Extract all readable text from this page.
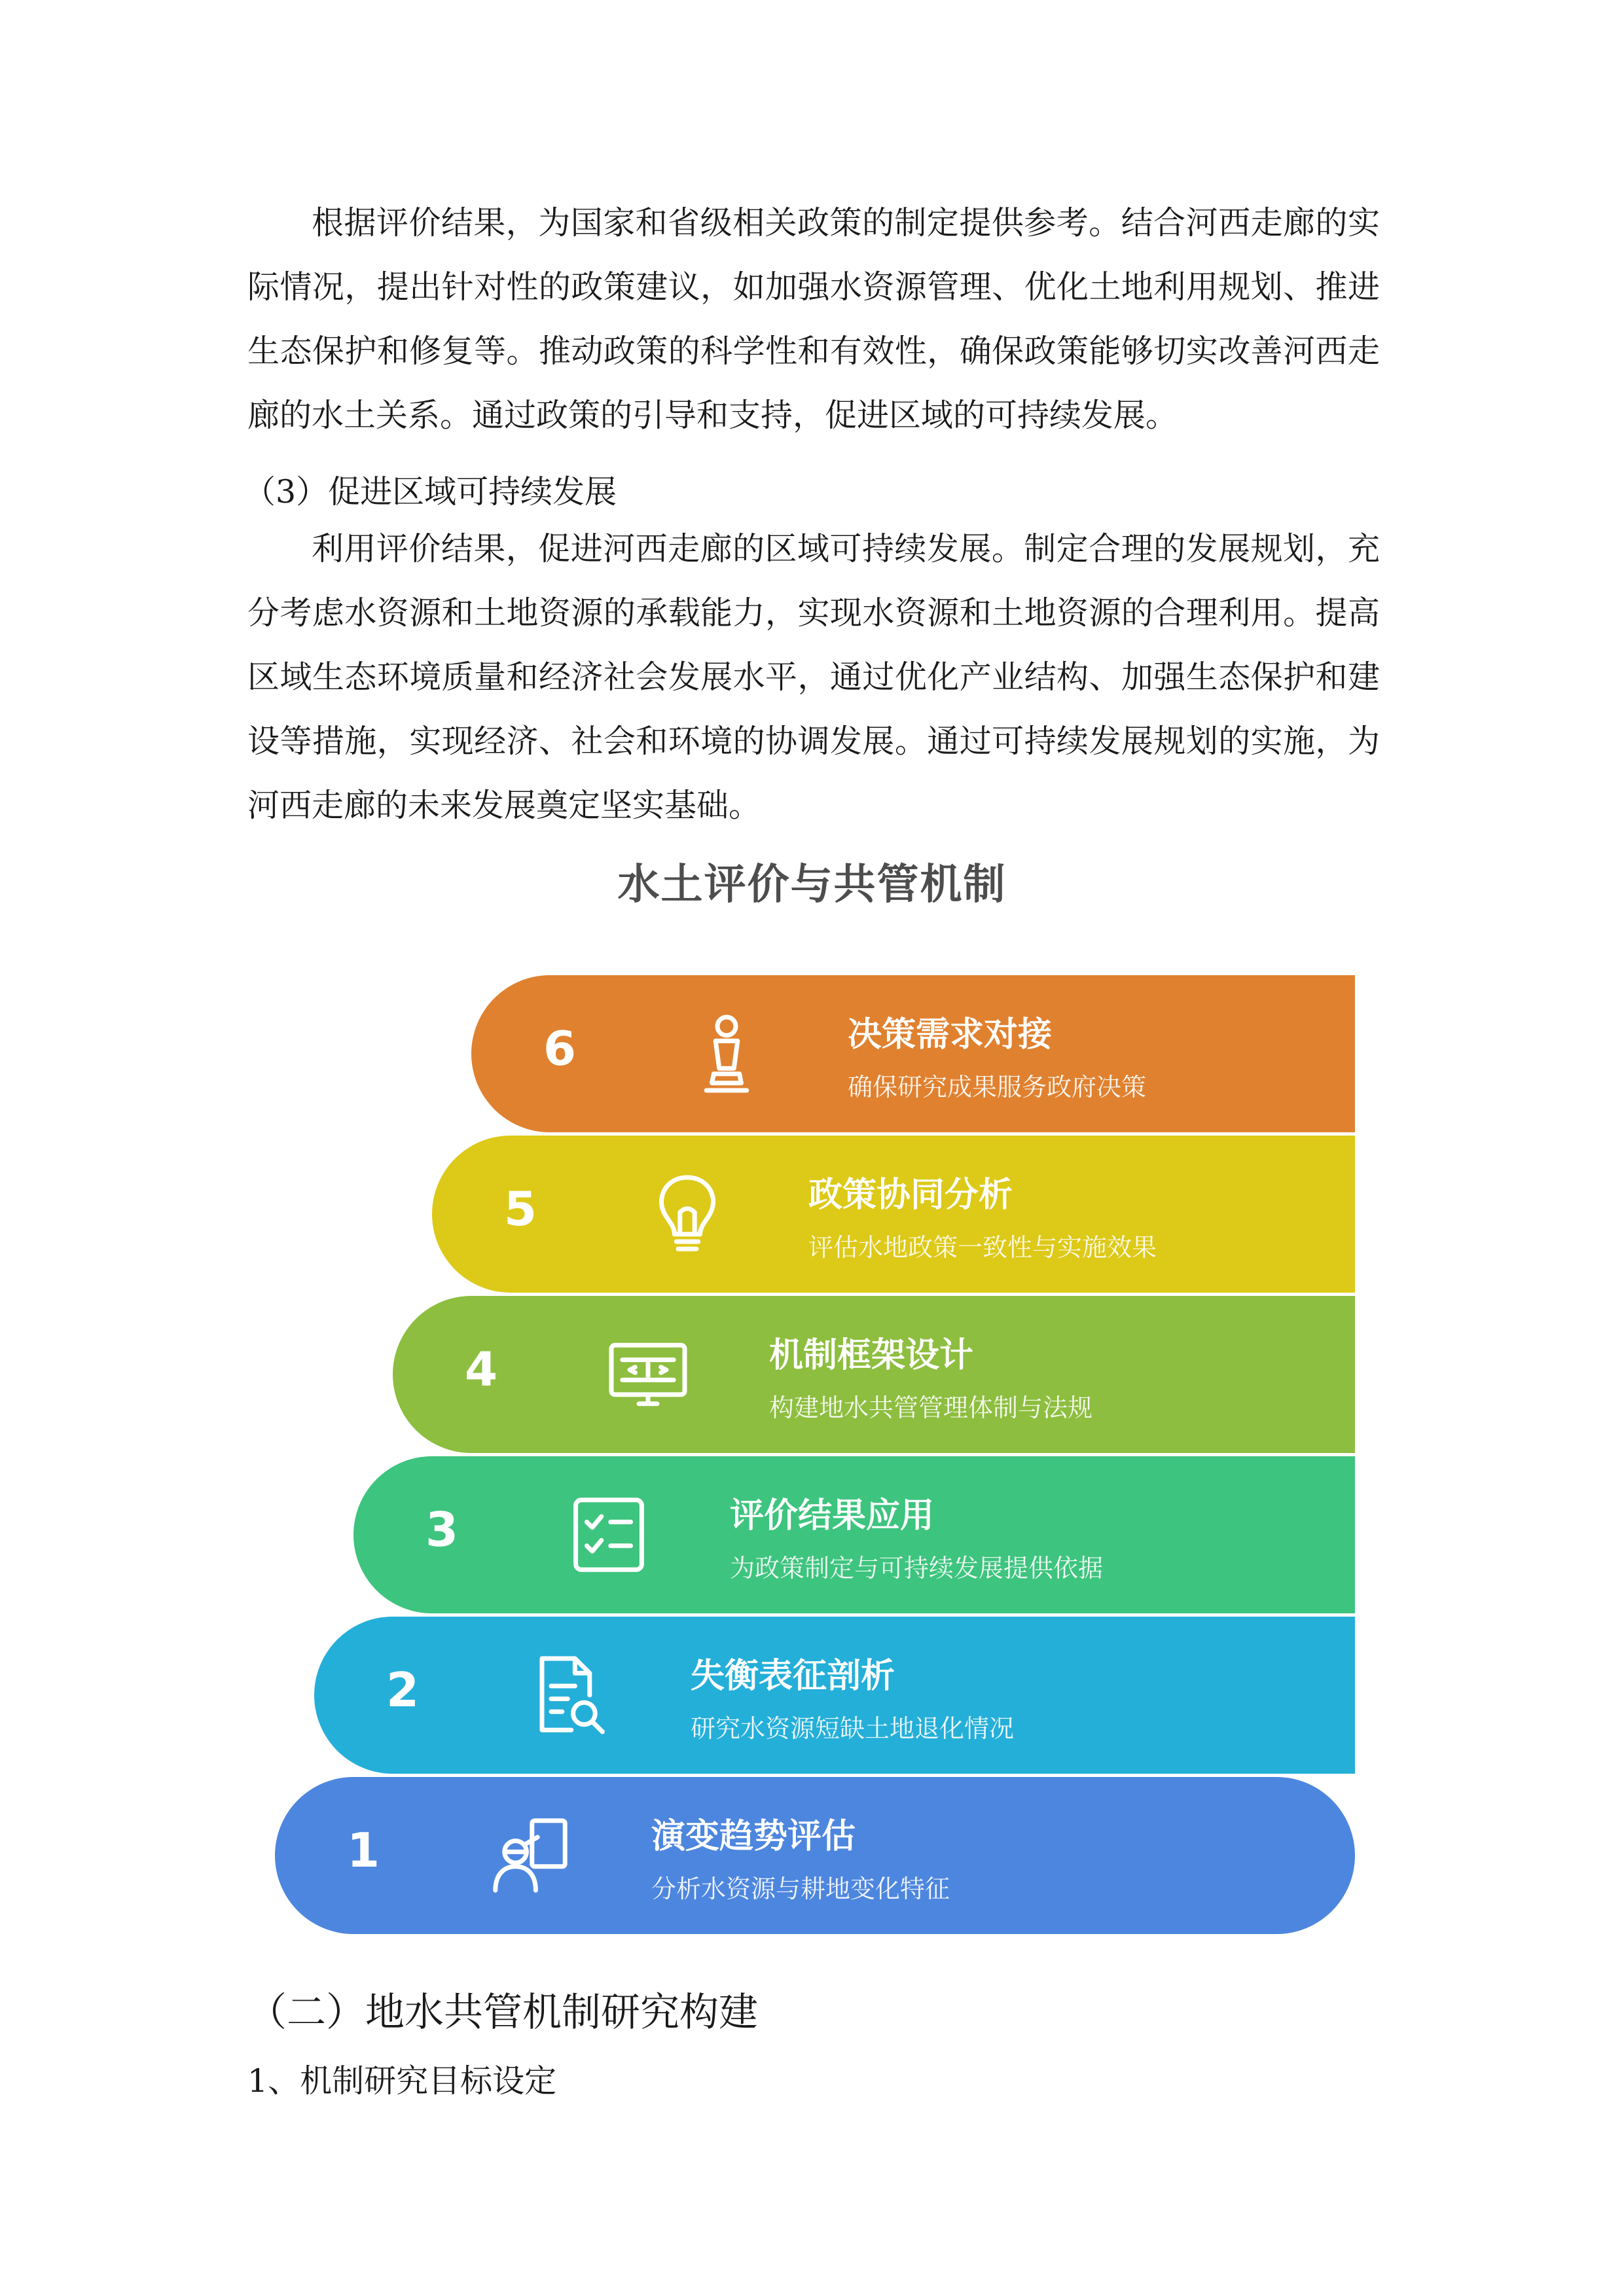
根据评价结果，为国家和省级相关政策的制定提供参考。结合河西走廊的实际情况，提出针对性的政策建议，如加强水资源管理、优化土地利用规划、推进生态保护和修复等。推动政策的科学性和有效性，确保政策能够切实改善河西走廊的水土关系。通过政策的引导和支持，促进区域的可持续发展。

（3）促进区域可持续发展

利用评价结果，促进河西走廊的区域可持续发展。制定合理的发展规划，充分考虑水资源和土地资源的承载能力，实现水资源和土地资源的合理利用。提高区域生态环境质量和经济社会发展水平，通过优化产业结构、加强生态保护和建设等措施，实现经济、社会和环境的协调发展。通过可持续发展规划的实施，为河西走廊的未来发展奠定坚实基础。

水土评价与共管机制
6	决策需求对接
确保研究成果服务政府决策
5	政策协同分析
评估水地政策一致性与实施效果
4	机制框架设计
构建地水共管管理体制与法规
3	评价结果应用
为政策制定与可持续发展提供依据
2	失衡表征剖析
研究水资源短缺土地退化情况
1	演变趋势评估
分析水资源与耕地变化特征

（二）地水共管机制研究构建

1、机制研究目标设定
